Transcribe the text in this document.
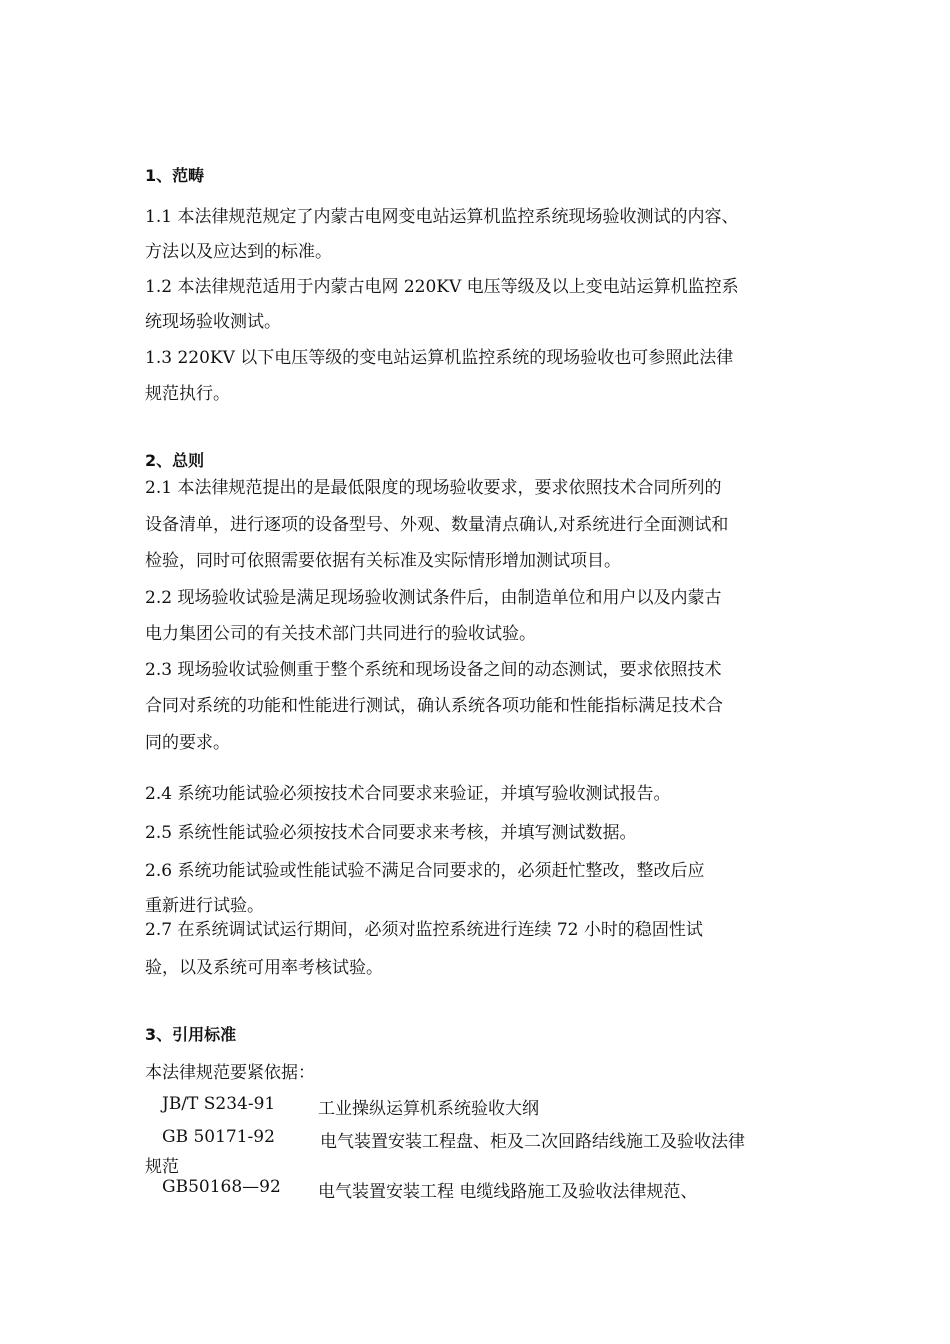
1、范畴
1.1 本法律规范规定了内蒙古电网变电站运算机监控系统现场验收测试的内容、
方法以及应达到的标准。
1.2 本法律规范适用于内蒙古电网 220KV 电压等级及以上变电站运算机监控系
统现场验收测试。
1.3 220KV 以下电压等级的变电站运算机监控系统的现场验收也可参照此法律
规范执行。
2、总则
2.1 本法律规范提出的是最低限度的现场验收要求，要求依照技术合同所列的
设备清单，进行逐项的设备型号、外观、数量清点确认,对系统进行全面测试和
检验，同时可依照需要依据有关标准及实际情形增加测试项目。
2.2 现场验收试验是满足现场验收测试条件后，由制造单位和用户以及内蒙古
电力集团公司的有关技术部门共同进行的验收试验。
2.3 现场验收试验侧重于整个系统和现场设备之间的动态测试，要求依照技术
合同对系统的功能和性能进行测试，确认系统各项功能和性能指标满足技术合
同的要求。
2.4 系统功能试验必须按技术合同要求来验证，并填写验收测试报告。
2.5 系统性能试验必须按技术合同要求来考核，并填写测试数据。
2.6 系统功能试验或性能试验不满足合同要求的，必须赶忙整改，整改后应
重新进行试验。
2.7 在系统调试试运行期间，必须对监控系统进行连续 72 小时的稳固性试
验，以及系统可用率考核试验。
3、引用标准
本法律规范要紧依据：
JB/T S234-91	工业操纵运算机系统验收大纲
GB 50171-92	电气装置安装工程盘、柜及二次回路结线施工及验收法律
规范
GB50168—92 电气装置安装工程 电缆线路施工及验收法律规范、
